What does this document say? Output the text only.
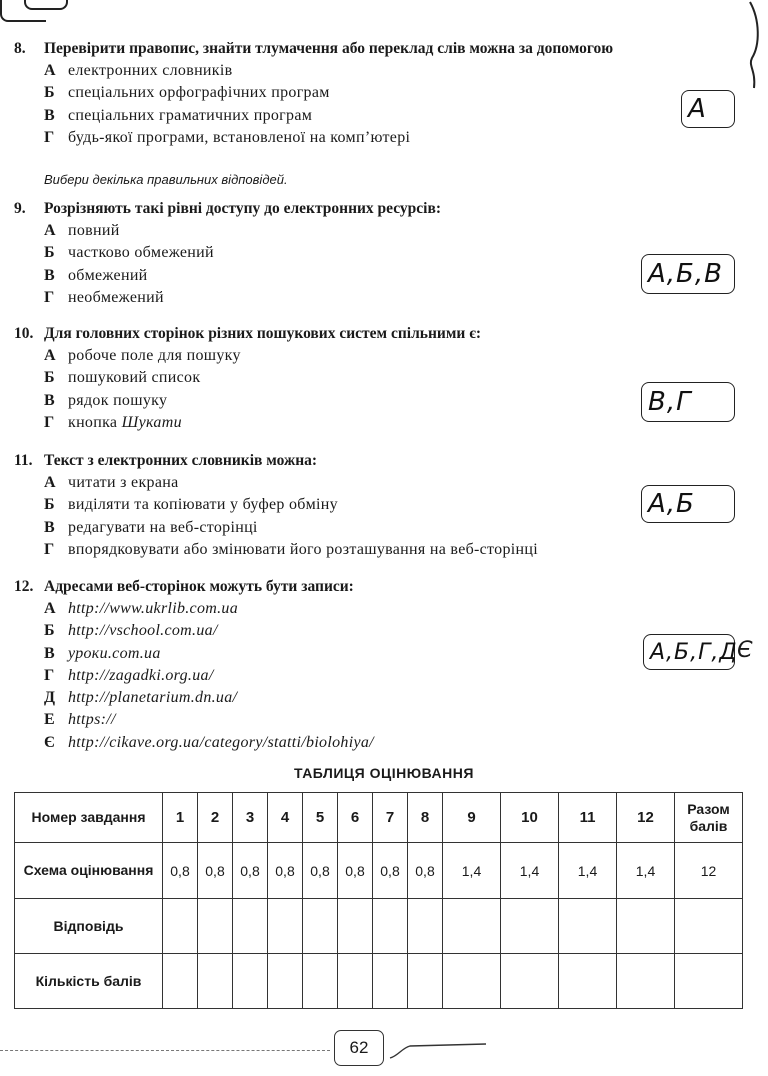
8. Перевірити правопис, знайти тлумачення або переклад слів можна за допомогою
А електронних словників
Б спеціальних орфографічних програм
В спеціальних граматичних програм
Г будь-якої програми, встановленої на комп’ютері
А
Вибери декілька правильних відповідей.
9. Розрізняють такі рівні доступу до електронних ресурсів:
А повний
Б частково обмежений
В обмежений
Г необмежений
А,Б,В
10. Для головних сторінок різних пошукових систем спільними є:
А робоче поле для пошуку
Б пошуковий список
В рядок пошуку
Г кнопка Шукати
В,Г
11. Текст з електронних словників можна:
А читати з екрана
Б виділяти та копіювати у буфер обміну
В редагувати на веб-сторінці
Г впорядковувати або змінювати його розташування на веб-сторінці
А,Б
12. Адресами веб-сторінок можуть бути записи:
А http://www.ukrlib.com.ua
Б http://vschool.com.ua/
В уроки.com.ua
Г http://zagadki.org.ua/
Д http://planetarium.dn.ua/
Е https://
Є http://cikave.org.ua/category/statti/biolohiya/
А,Б,Г,Д Є
ТАБЛИЦЯ ОЦІНЮВАННЯ
Номер завдання	1	2	3	4	5	6	7	8	9	10	11	12	Разом балів
Схема оцінювання	0,8	0,8	0,8	0,8	0,8	0,8	0,8	0,8	1,4	1,4	1,4	1,4	12
Відповідь													
Кількість балів													
62
